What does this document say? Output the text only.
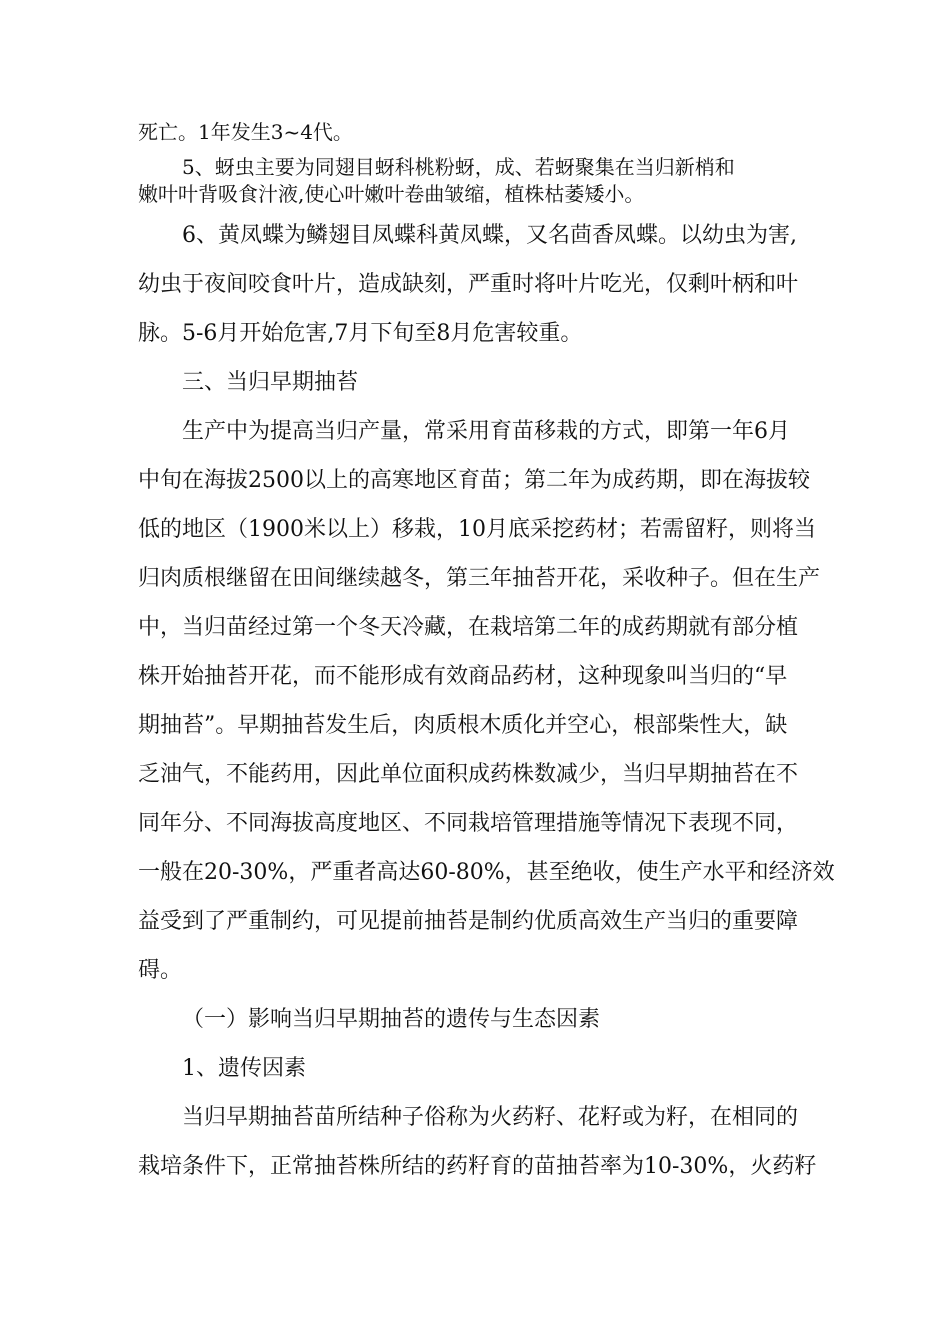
死亡。1年发生3~4代。
5、蚜虫主要为同翅目蚜科桃粉蚜，成、若蚜聚集在当归新梢和
嫩叶叶背吸食汁液,使心叶嫩叶卷曲皱缩，植株枯萎矮小。
6、黄凤蝶为鳞翅目凤蝶科黄凤蝶，又名茴香凤蝶。以幼虫为害,
幼虫于夜间咬食叶片，造成缺刻，严重时将叶片吃光，仅剩叶柄和叶
脉。5-6月开始危害,7月下旬至8月危害较重。
三、当归早期抽苔
生产中为提高当归产量，常采用育苗移栽的方式，即第一年6月
中旬在海拔2500以上的高寒地区育苗；第二年为成药期，即在海拔较
低的地区（1900米以上）移栽，10月底采挖药材；若需留籽，则将当
归肉质根继留在田间继续越冬，第三年抽苔开花，采收种子。但在生产
中，当归苗经过第一个冬天冷藏，在栽培第二年的成药期就有部分植
株开始抽苔开花，而不能形成有效商品药材，这种现象叫当归的“早
期抽苔”。早期抽苔发生后，肉质根木质化并空心，根部柴性大，缺
乏油气，不能药用，因此单位面积成药株数减少，当归早期抽苔在不
同年分、不同海拔高度地区、不同栽培管理措施等情况下表现不同，
一般在20-30%，严重者高达60-80%，甚至绝收，使生产水平和经济效
益受到了严重制约，可见提前抽苔是制约优质高效生产当归的重要障
碍。
（一）影响当归早期抽苔的遗传与生态因素
1、遗传因素
当归早期抽苔苗所结种子俗称为火药籽、花籽或为籽，在相同的
栽培条件下，正常抽苔株所结的药籽育的苗抽苔率为10-30%，火药籽
